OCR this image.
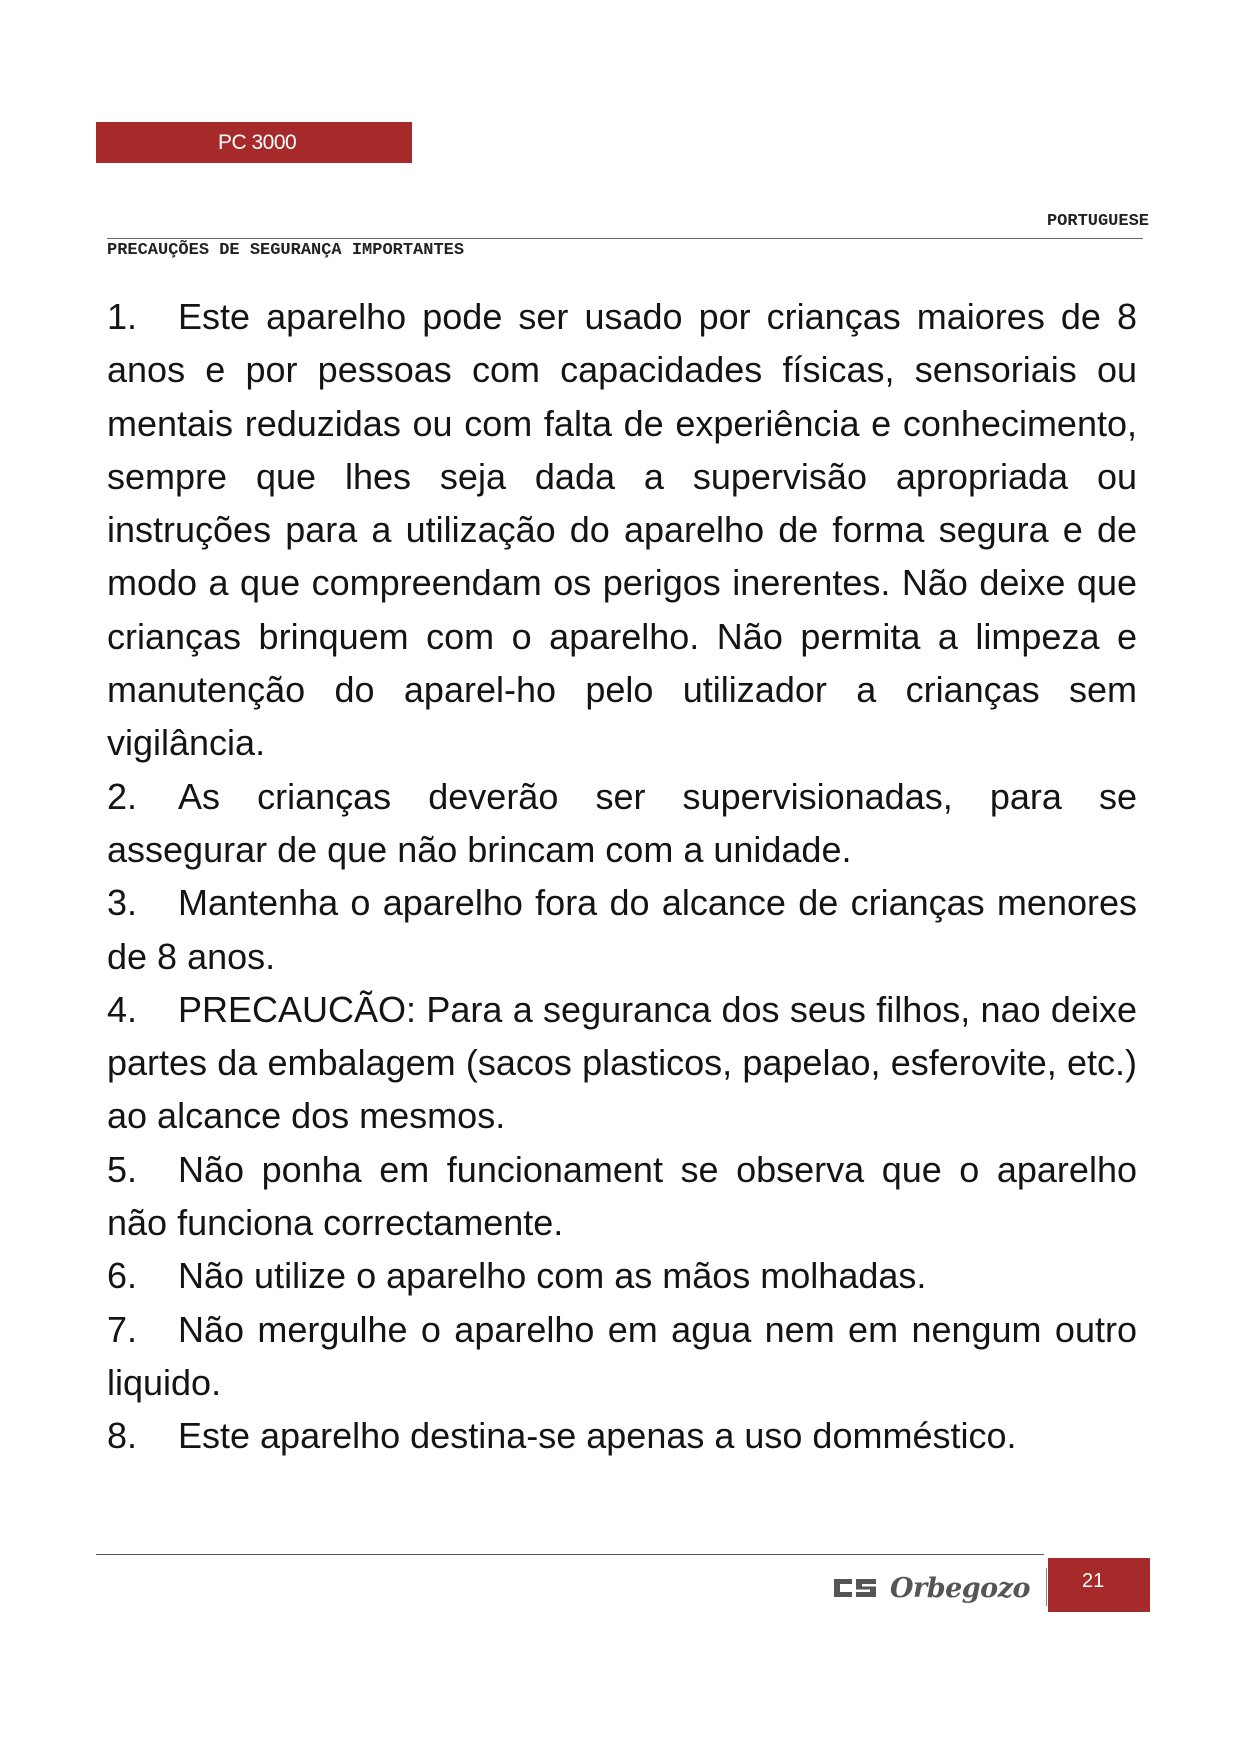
PC 3000
PORTUGUESE
PRECAUÇÕES DE SEGURANÇA IMPORTANTES

1. Este aparelho pode ser usado por crianças maiores de 8 anos e por pessoas com capacidades físicas, sensoriais ou mentais reduzidas ou com falta de experiência e conhecimento, sempre que lhes seja dada a supervisão apropriada ou instruções para a utilização do aparelho de forma segura e de modo a que compreendam os perigos inerentes. Não deixe que crianças brinquem com o aparelho. Não permita a limpeza e manutenção do aparel-ho pelo utilizador a crianças sem vigilância.

2. As crianças deverão ser supervisionadas, para se assegurar de que não brincam com a unidade.

3. Mantenha o aparelho fora do alcance de crianças menores de 8 anos.

4. PRECAUCÃO: Para a seguranca dos seus filhos, nao deixe partes da embalagem (sacos plasticos, papelao, esferovite, etc.) ao alcance dos mesmos.

5. Não ponha em funcionament se observa que o aparelho não funciona correctamente.

6. Não utilize o aparelho com as mãos molhadas.

7. Não mergulhe o aparelho em agua nem em nengum outro liquido.

8. Este aparelho destina-se apenas a uso domméstico.

Orbegozo	21
